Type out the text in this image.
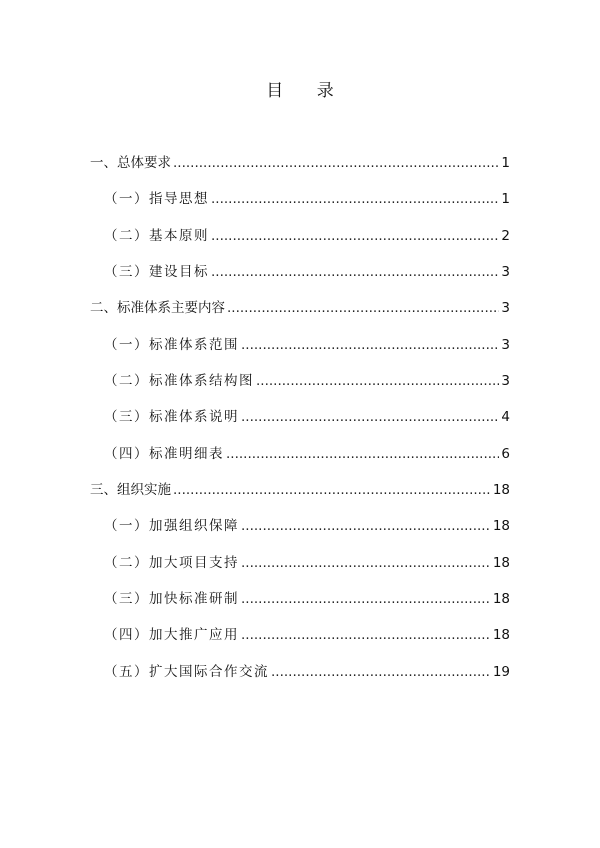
目 录
一、总体要求 .....	1
（一）指导思想 .....	1
（二）基本原则 .....	2
（三）建设目标 .....	3
二、标准体系主要内容 .....	3
（一）标准体系范围 .....	3
（二）标准体系结构图 .....	3
（三）标准体系说明 .....	4
（四）标准明细表 .....	6
三、组织实施 .....	18
（一）加强组织保障 .....	18
（二）加大项目支持 .....	18
（三）加快标准研制 .....	18
（四）加大推广应用 .....	18
（五）扩大国际合作交流 .....	19
